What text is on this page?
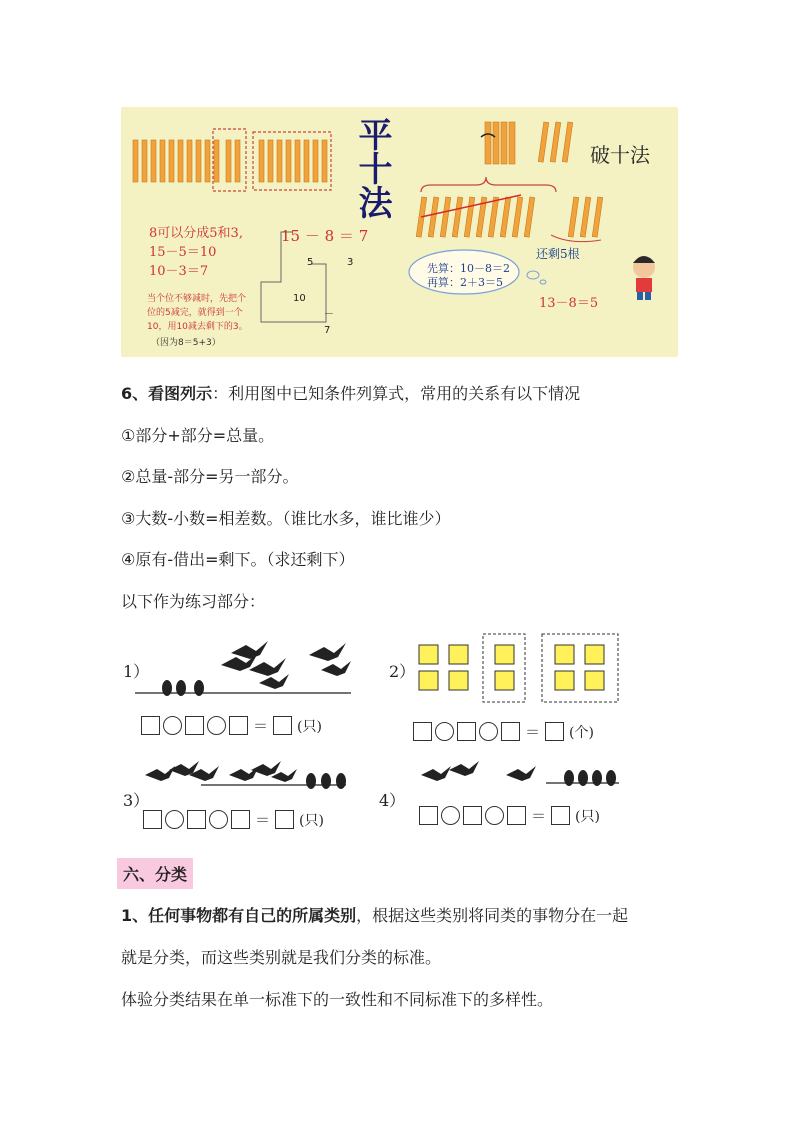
平十法	破十法
8可以分成5和3,
15－5＝10
10－3＝7
当个位不够减时，先把个
位的5减完，就得到一个
10，用10减去剩下的3。
（因为8＝5+3）
15 － 8 ＝ 7
5	3
10
－
7
还剩5根
先算：10－8＝2
再算：2＋3＝5
13－8＝5
6、看图列示：利用图中已知条件列算式，常用的关系有以下情况
①部分+部分=总量。
②总量-部分=另一部分。
③大数-小数=相差数。（谁比水多，谁比谁少）
④原有-借出=剩下。（求还剩下）
以下作为练习部分：
1）
＝ (只)
2）
＝ (个)
3）
＝ (只)
4）
＝ (只)
六、分类
1、任何事物都有自己的所属类别，根据这些类别将同类的事物分在一起
就是分类，而这些类别就是我们分类的标准。
体验分类结果在单一标准下的一致性和不同标准下的多样性。
